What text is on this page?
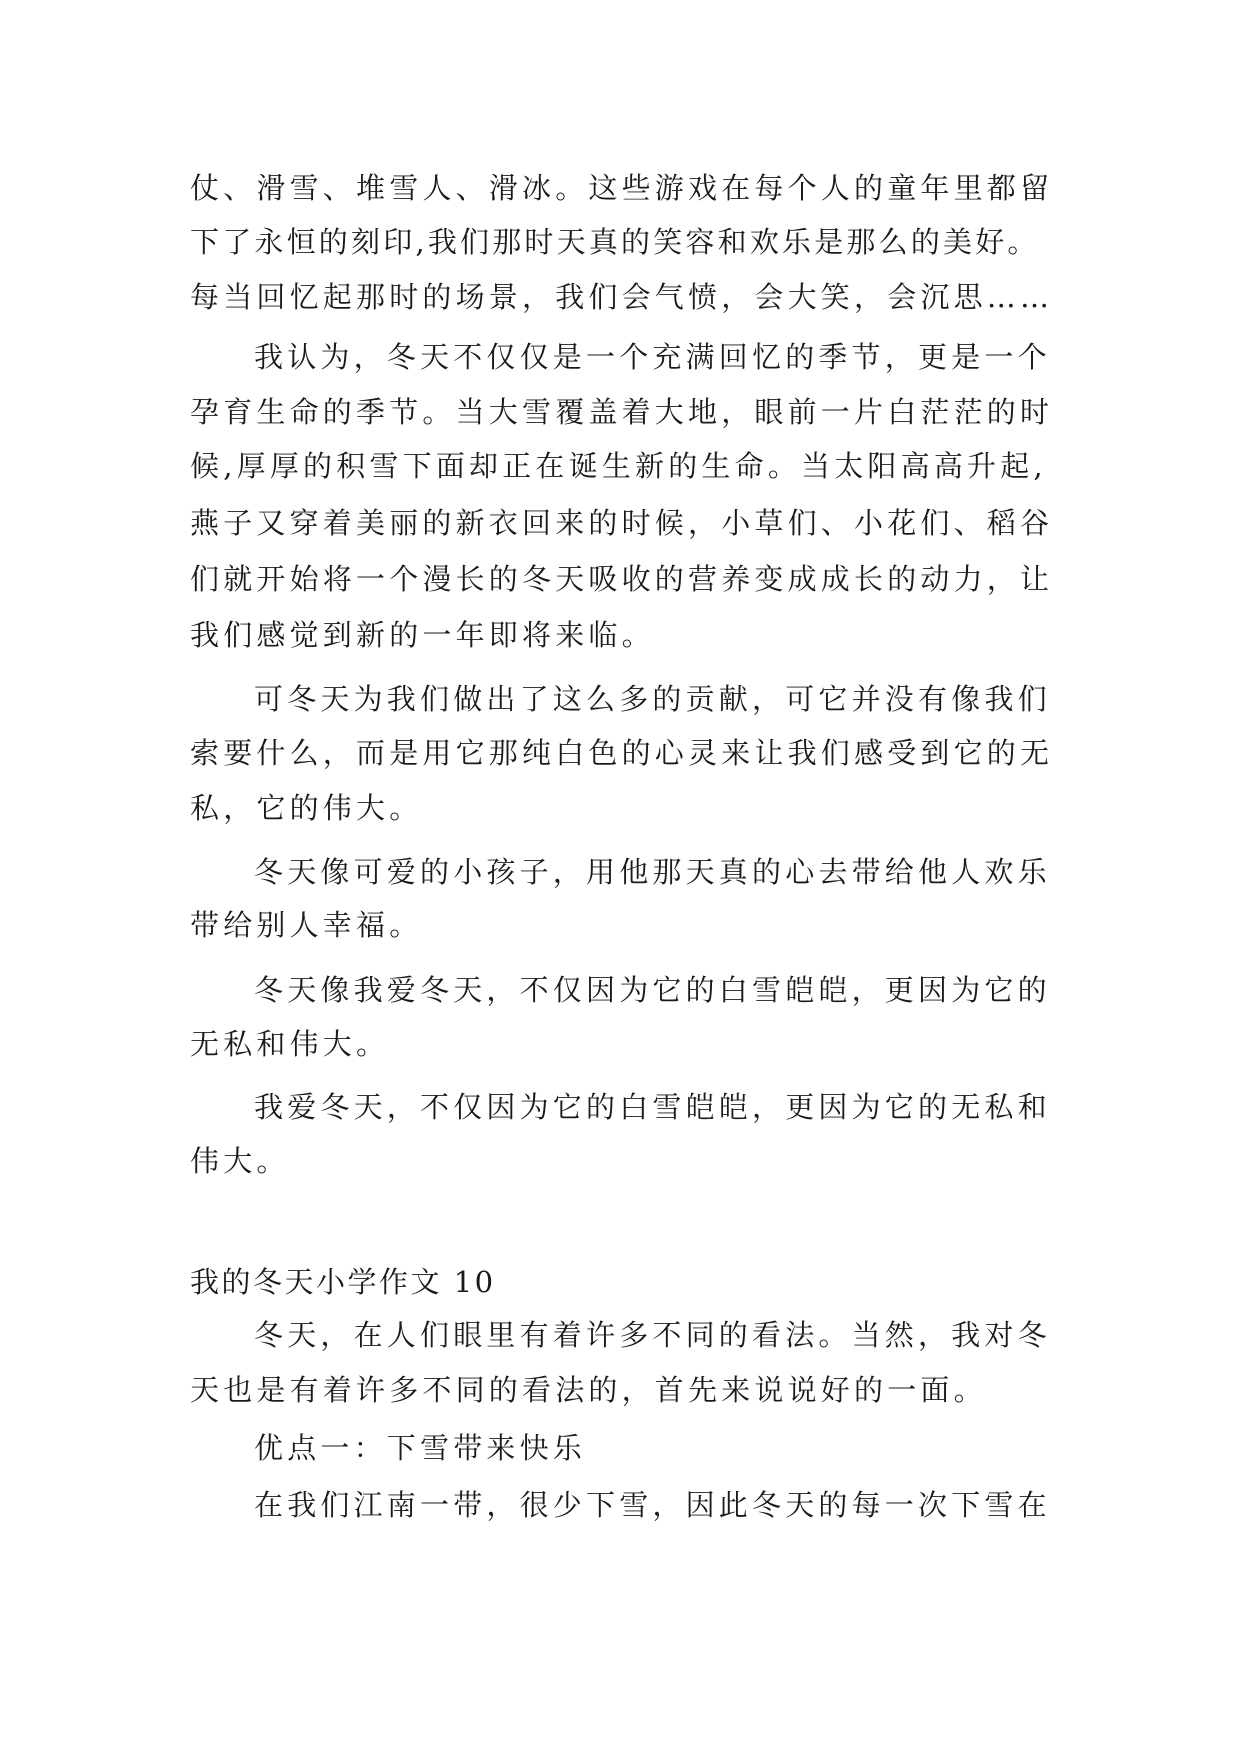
仗、滑雪、堆雪人、滑冰。这些游戏在每个人的童年里都留
下了永恒的刻印,我们那时天真的笑容和欢乐是那么的美好。
每当回忆起那时的场景，我们会气愤，会大笑，会沉思……
我认为，冬天不仅仅是一个充满回忆的季节，更是一个
孕育生命的季节。当大雪覆盖着大地，眼前一片白茫茫的时
候,厚厚的积雪下面却正在诞生新的生命。当太阳高高升起,
燕子又穿着美丽的新衣回来的时候，小草们、小花们、稻谷
们就开始将一个漫长的冬天吸收的营养变成成长的动力，让
我们感觉到新的一年即将来临。
可冬天为我们做出了这么多的贡献，可它并没有像我们
索要什么，而是用它那纯白色的心灵来让我们感受到它的无
私，它的伟大。
冬天像可爱的小孩子，用他那天真的心去带给他人欢乐
带给别人幸福。
冬天像我爱冬天，不仅因为它的白雪皑皑，更因为它的
无私和伟大。
我爱冬天，不仅因为它的白雪皑皑，更因为它的无私和
伟大。
我的冬天小学作文 10
冬天，在人们眼里有着许多不同的看法。当然，我对冬
天也是有着许多不同的看法的，首先来说说好的一面。
优点一：下雪带来快乐
在我们江南一带，很少下雪，因此冬天的每一次下雪在
